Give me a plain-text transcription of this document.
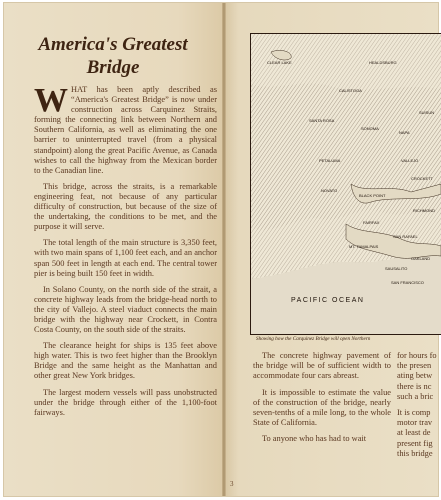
America's Greatest
Bridge

WHAT has been aptly described as “America's Greatest Bridge” is now under construction across Carquinez Straits, forming the connecting link between Northern and Southern California, as well as eliminating the one barrier to uninterrupted travel (from a physical standpoint) along the great Pacific Avenue, as Canada wishes to call the highway from the Mexican border to the Canadian line.

This bridge, across the straits, is a remarkable engineering feat, not because of any particular difficulty of construction, but because of the size of the undertaking, the conditions to be met, and the purpose it will serve.

The total length of the main structure is 3,350 feet, with two main spans of 1,100 feet each, and an anchor span 500 feet in length at each end. The central tower pier is being built 150 feet in width.

In Solano County, on the north side of the strait, a concrete highway leads from the bridge-head north to the city of Vallejo. A steel viaduct connects the main bridge with the highway near Crockett, in Contra Costa County, on the south side of the straits.

The clearance height for ships is 135 feet above high water. This is two feet higher than the Brooklyn Bridge and the same height as the Manhattan and other great New York bridges.

The largest modern vessels will pass unobstructed under the bridge through either of the 1,100-foot fairways.

CLEAR LAKE	HEALDSBURG
CALISTOGA
SANTA ROSA
SONOMA
NAPA
SUISUN
PETALUMA	VALLEJO
CROCKETT
NOVATO
BLACK POINT
RICHMOND
FAIRFAX
SAN RAFAEL
MT. TAMALPAIS
OAKLAND
SAUSALITO
SAN FRANCISCO
PACIFIC OCEAN
Showing how the Carquinez Bridge will open Northern

The concrete highway pavement of the bridge will be of sufficient width to accommodate four cars abreast.

It is impossible to estimate the value of the construction of the bridge, nearly seven-tenths of a mile long, to the whole State of California.

To anyone who has had to wait

for hours fo
the presen
ating betw
there is nc
such a bric
It is comp
motor trav
at least de
present fig
this bridge
3
